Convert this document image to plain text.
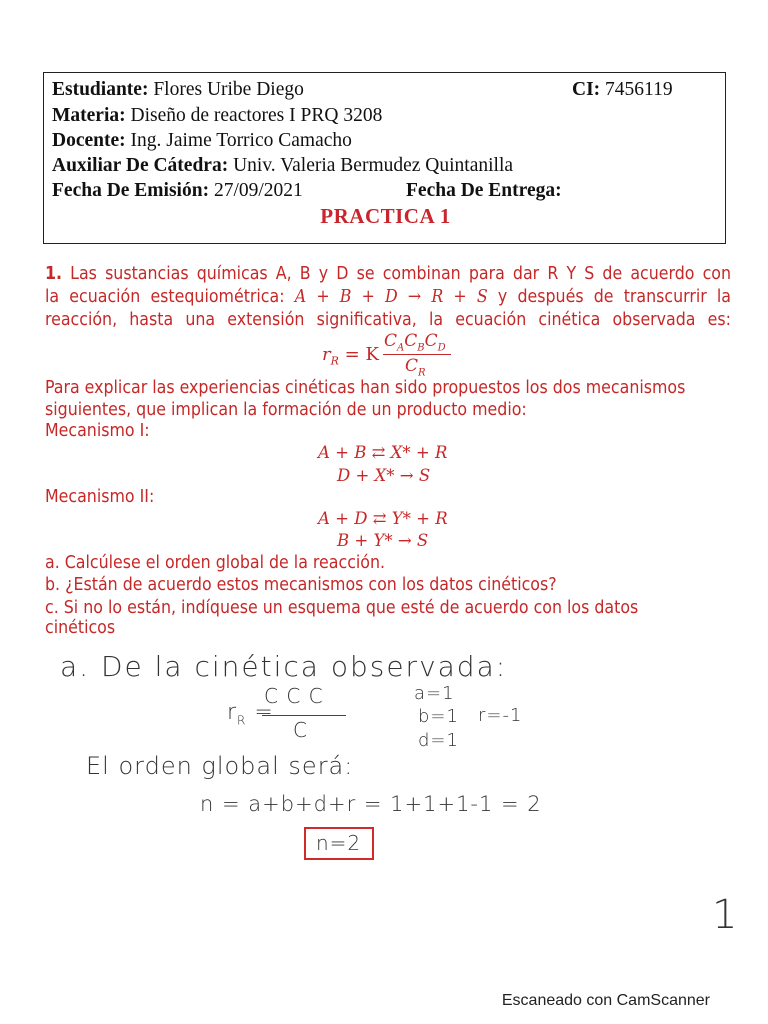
Estudiante: Flores Uribe Diego	CI: 7456119
Materia: Diseño de reactores I PRQ 3208
Docente: Ing. Jaime Torrico Camacho
Auxiliar De Cátedra: Univ. Valeria Bermudez Quintanilla
Fecha De Emisión: 27/09/2021	Fecha De Entrega:
PRACTICA 1
1. Las sustancias químicas A, B y D se combinan para dar R Y S de acuerdo con
la ecuación estequiométrica: A + B + D → R + S y después de transcurrir la
reacción, hasta una extensión significativa, la ecuación cinética observada es:
$r_R = K$
$C_AC_BC_D$
$C_R$
Para explicar las experiencias cinéticas han sido propuestos los dos mecanismos
siguientes, que implican la formación de un producto medio:
Mecanismo I:
A + B ⇄ X* + R
D + X* → S
Mecanismo II:
A + D ⇄ Y* + R
B + Y* → S
a. Calcúlese el orden global de la reacción.
b. ¿Están de acuerdo estos mecanismos con los datos cinéticos?
c. Si no lo están, indíquese un esquema que esté de acuerdo con los datos
cinéticos
a. De la cinética observada:
$r_R$ =
C C C
C
a=1
b=1
d=1
r=-1
El orden global será:
n = a+b+d+r = 1+1+1-1 = 2
n=2
1
Escaneado con CamScanner
